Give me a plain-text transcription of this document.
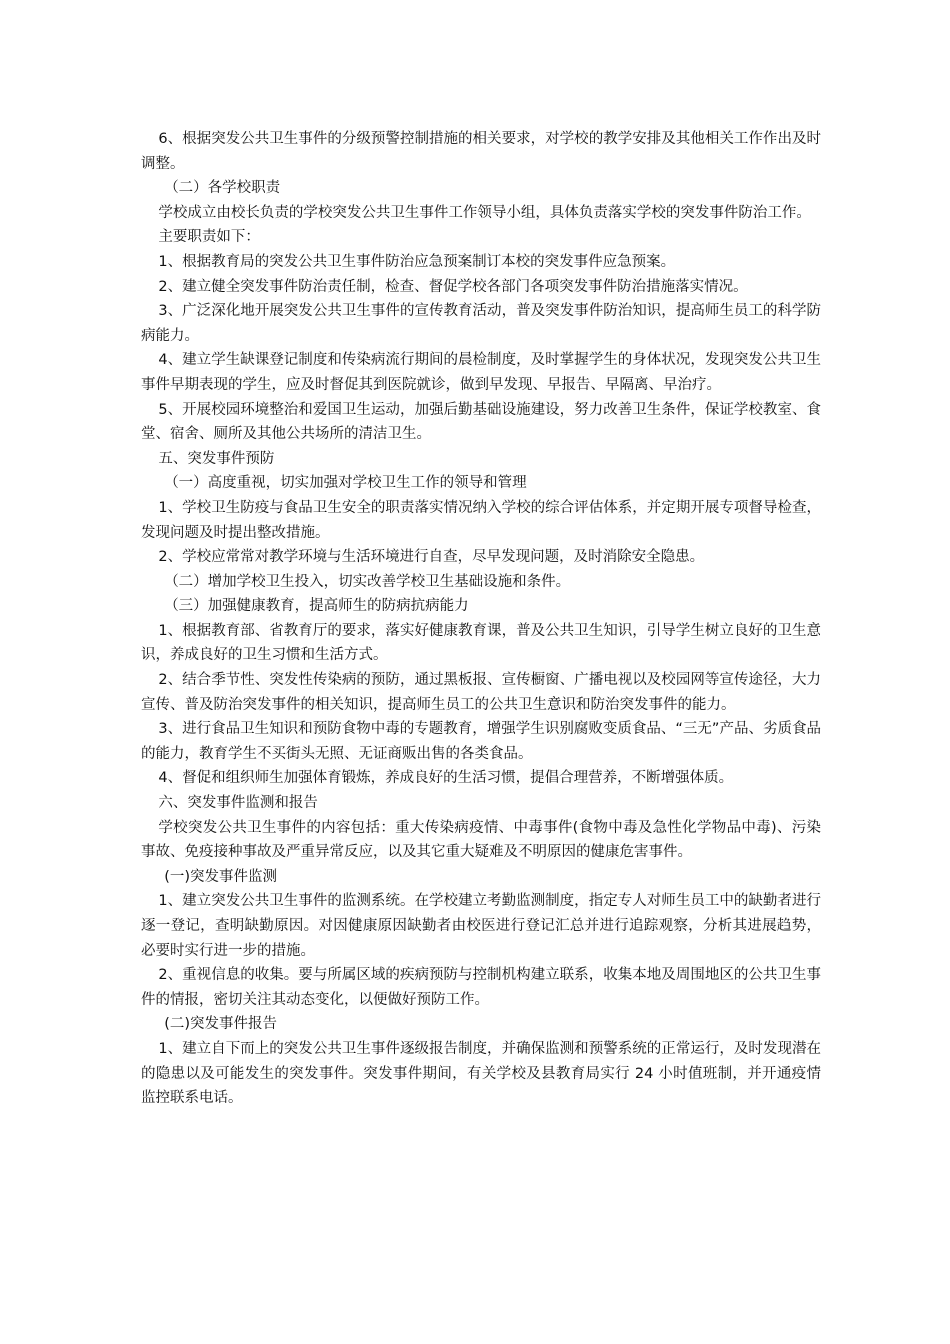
6、根据突发公共卫生事件的分级预警控制措施的相关要求，对学校的教学安排及其他相关工作作出及时调整。

（二）各学校职责

学校成立由校长负责的学校突发公共卫生事件工作领导小组，具体负责落实学校的突发事件防治工作。

主要职责如下：

1、根据教育局的突发公共卫生事件防治应急预案制订本校的突发事件应急预案。

2、建立健全突发事件防治责任制，检查、督促学校各部门各项突发事件防治措施落实情况。

3、广泛深化地开展突发公共卫生事件的宣传教育活动，普及突发事件防治知识，提高师生员工的科学防病能力。

4、建立学生缺课登记制度和传染病流行期间的晨检制度，及时掌握学生的身体状况，发现突发公共卫生事件早期表现的学生，应及时督促其到医院就诊，做到早发现、早报告、早隔离、早治疗。

5、开展校园环境整治和爱国卫生运动，加强后勤基础设施建设，努力改善卫生条件，保证学校教室、食堂、宿舍、厕所及其他公共场所的清洁卫生。

五、突发事件预防

（一）高度重视，切实加强对学校卫生工作的领导和管理

1、学校卫生防疫与食品卫生安全的职责落实情况纳入学校的综合评估体系，并定期开展专项督导检查，发现问题及时提出整改措施。

2、学校应常常对教学环境与生活环境进行自查，尽早发现问题，及时消除安全隐患。

（二）增加学校卫生投入，切实改善学校卫生基础设施和条件。

（三）加强健康教育，提高师生的防病抗病能力

1、根据教育部、省教育厅的要求，落实好健康教育课，普及公共卫生知识，引导学生树立良好的卫生意识，养成良好的卫生习惯和生活方式。

2、结合季节性、突发性传染病的预防，通过黑板报、宣传橱窗、广播电视以及校园网等宣传途径，大力宣传、普及防治突发事件的相关知识，提高师生员工的公共卫生意识和防治突发事件的能力。

3、进行食品卫生知识和预防食物中毒的专题教育，增强学生识别腐败变质食品、“三无”产品、劣质食品的能力，教育学生不买街头无照、无证商贩出售的各类食品。

4、督促和组织师生加强体育锻炼，养成良好的生活习惯，提倡合理营养，不断增强体质。

六、突发事件监测和报告

学校突发公共卫生事件的内容包括：重大传染病疫情、中毒事件(食物中毒及急性化学物品中毒)、污染事故、免疫接种事故及严重异常反应，以及其它重大疑难及不明原因的健康危害事件。

(一)突发事件监测

1、建立突发公共卫生事件的监测系统。在学校建立考勤监测制度，指定专人对师生员工中的缺勤者进行逐一登记，查明缺勤原因。对因健康原因缺勤者由校医进行登记汇总并进行追踪观察，分析其进展趋势，必要时实行进一步的措施。

2、重视信息的收集。要与所属区域的疾病预防与控制机构建立联系，收集本地及周围地区的公共卫生事件的情报，密切关注其动态变化，以便做好预防工作。

(二)突发事件报告

1、建立自下而上的突发公共卫生事件逐级报告制度，并确保监测和预警系统的正常运行，及时发现潜在的隐患以及可能发生的突发事件。突发事件期间，有关学校及县教育局实行 24 小时值班制，并开通疫情监控联系电话。
